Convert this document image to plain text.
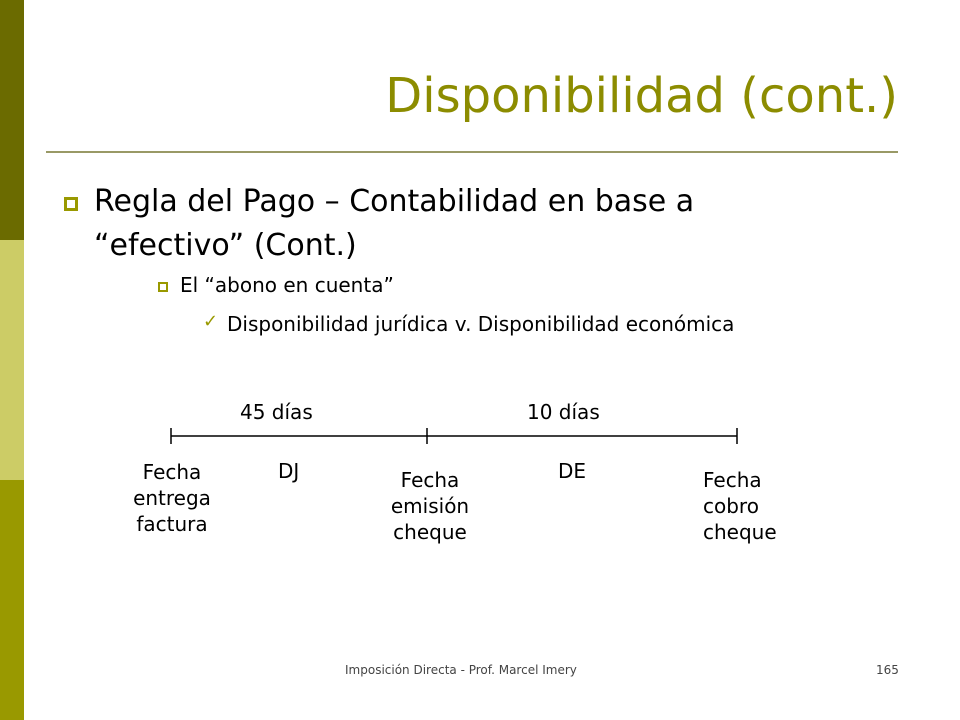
Disponibilidad (cont.)
Regla del Pago – Contabilidad en base a
“efectivo” (Cont.)
El “abono en cuenta”
✓ Disponibilidad jurídica v. Disponibilidad económica
45 días	10 días
Fecha
entrega
factura
DJ	Fecha
emisión
cheque
DE	Fecha
cobro
cheque
Imposición Directa - Prof. Marcel Imery	165
